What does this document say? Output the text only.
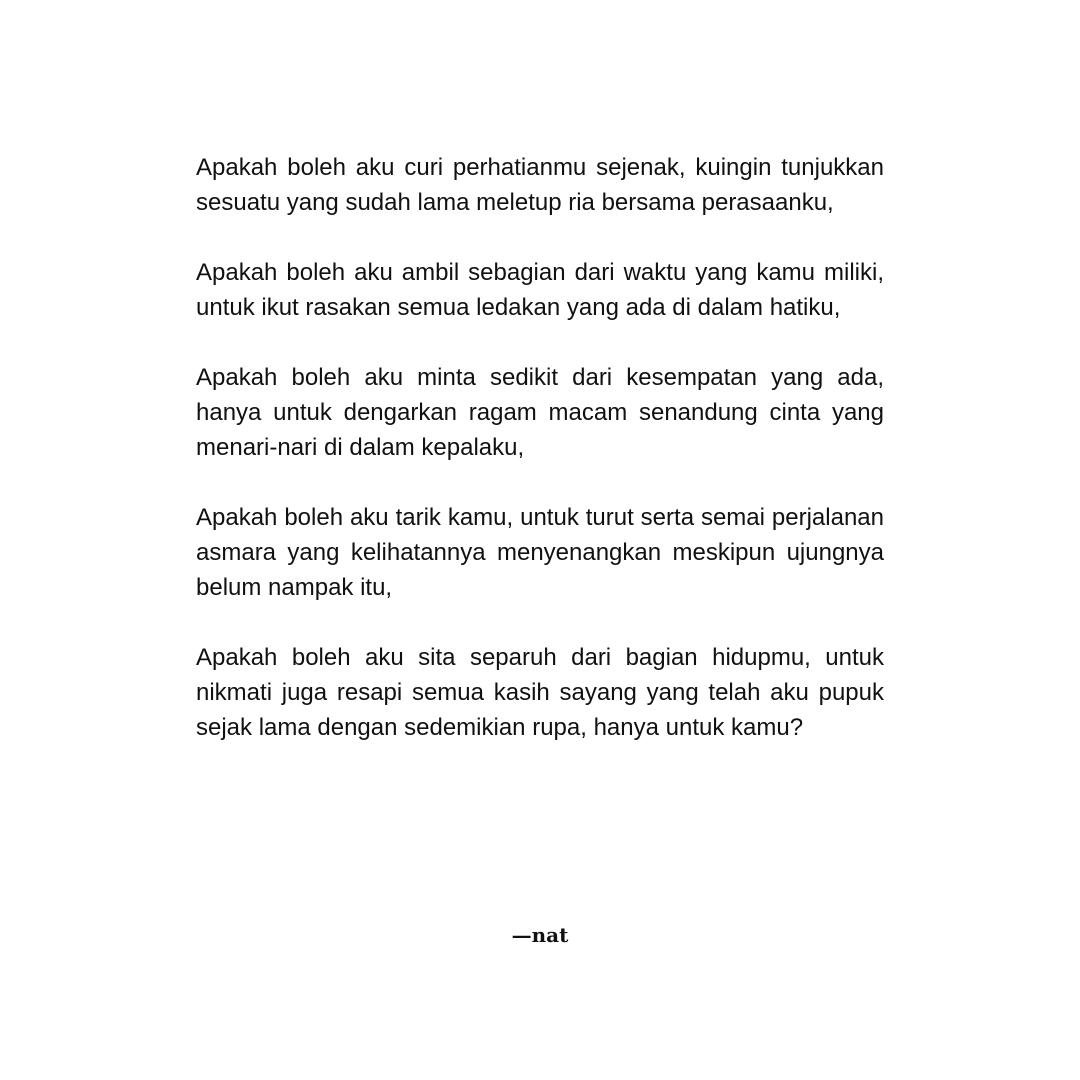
Apakah boleh aku curi perhatianmu sejenak, kuingin tunjukkan sesuatu yang sudah lama meletup ria bersama perasaanku,

Apakah boleh aku ambil sebagian dari waktu yang kamu miliki, untuk ikut rasakan semua ledakan yang ada di dalam hatiku,

Apakah boleh aku minta sedikit dari kesempatan yang ada, hanya untuk dengarkan ragam macam senandung cinta yang menari-nari di dalam kepalaku,

Apakah boleh aku tarik kamu, untuk turut serta semai perjalanan asmara yang kelihatannya menyenangkan meskipun ujungnya belum nampak itu,

Apakah boleh aku sita separuh dari bagian hidupmu, untuk nikmati juga resapi semua kasih sayang yang telah aku pupuk sejak lama dengan sedemikian rupa, hanya untuk kamu?

—nat
